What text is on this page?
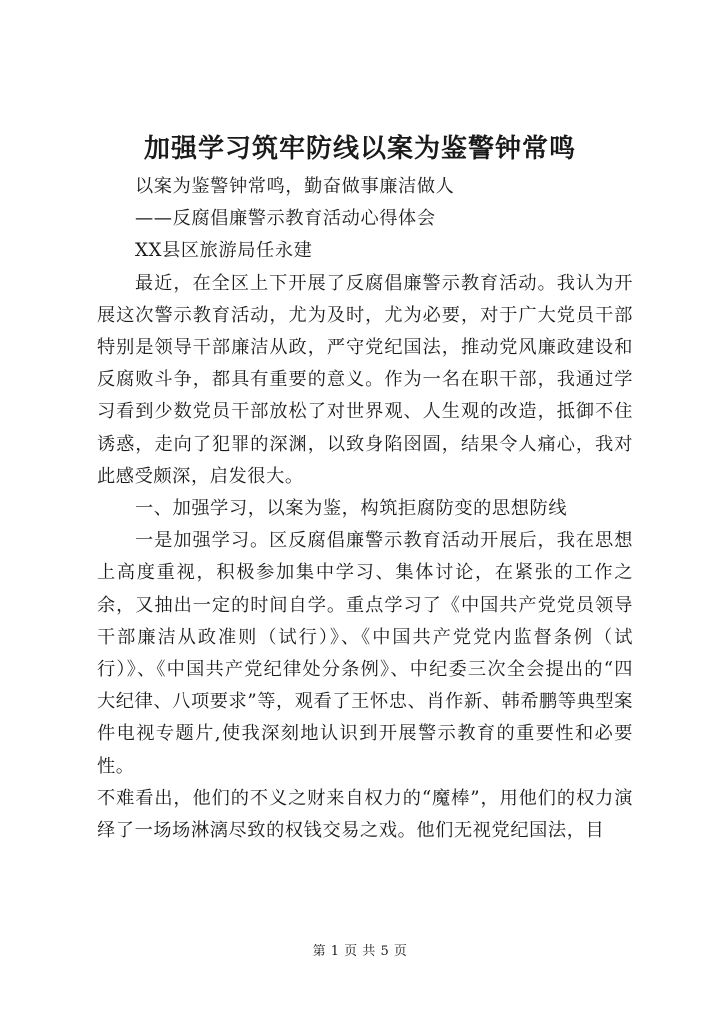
加强学习筑牢防线以案为鉴警钟常鸣

以案为鉴警钟常鸣，勤奋做事廉洁做人

——反腐倡廉警示教育活动心得体会

XX县区旅游局任永建

最近，在全区上下开展了反腐倡廉警示教育活动。我认为开展这次警示教育活动，尤为及时，尤为必要，对于广大党员干部特别是领导干部廉洁从政，严守党纪国法，推动党风廉政建设和反腐败斗争，都具有重要的意义。作为一名在职干部，我通过学习看到少数党员干部放松了对世界观、人生观的改造，抵御不住诱惑，走向了犯罪的深渊，以致身陷囹圄，结果令人痛心，我对此感受颇深，启发很大。

一、加强学习，以案为鉴，构筑拒腐防变的思想防线

一是加强学习。区反腐倡廉警示教育活动开展后，我在思想上高度重视，积极参加集中学习、集体讨论，在紧张的工作之余，又抽出一定的时间自学。重点学习了《中国共产党党员领导干部廉洁从政准则（试行）》、《中国共产党党内监督条例（试行）》、《中国共产党纪律处分条例》、中纪委三次全会提出的“四大纪律、八项要求”等，观看了王怀忠、肖作新、韩希鹏等典型案件电视专题片,使我深刻地认识到开展警示教育的重要性和必要性。

不难看出，他们的不义之财来自权力的“魔棒”，用他们的权力演绎了一场场淋漓尽致的权钱交易之戏。他们无视党纪国法，目

第 1 页 共 5 页
